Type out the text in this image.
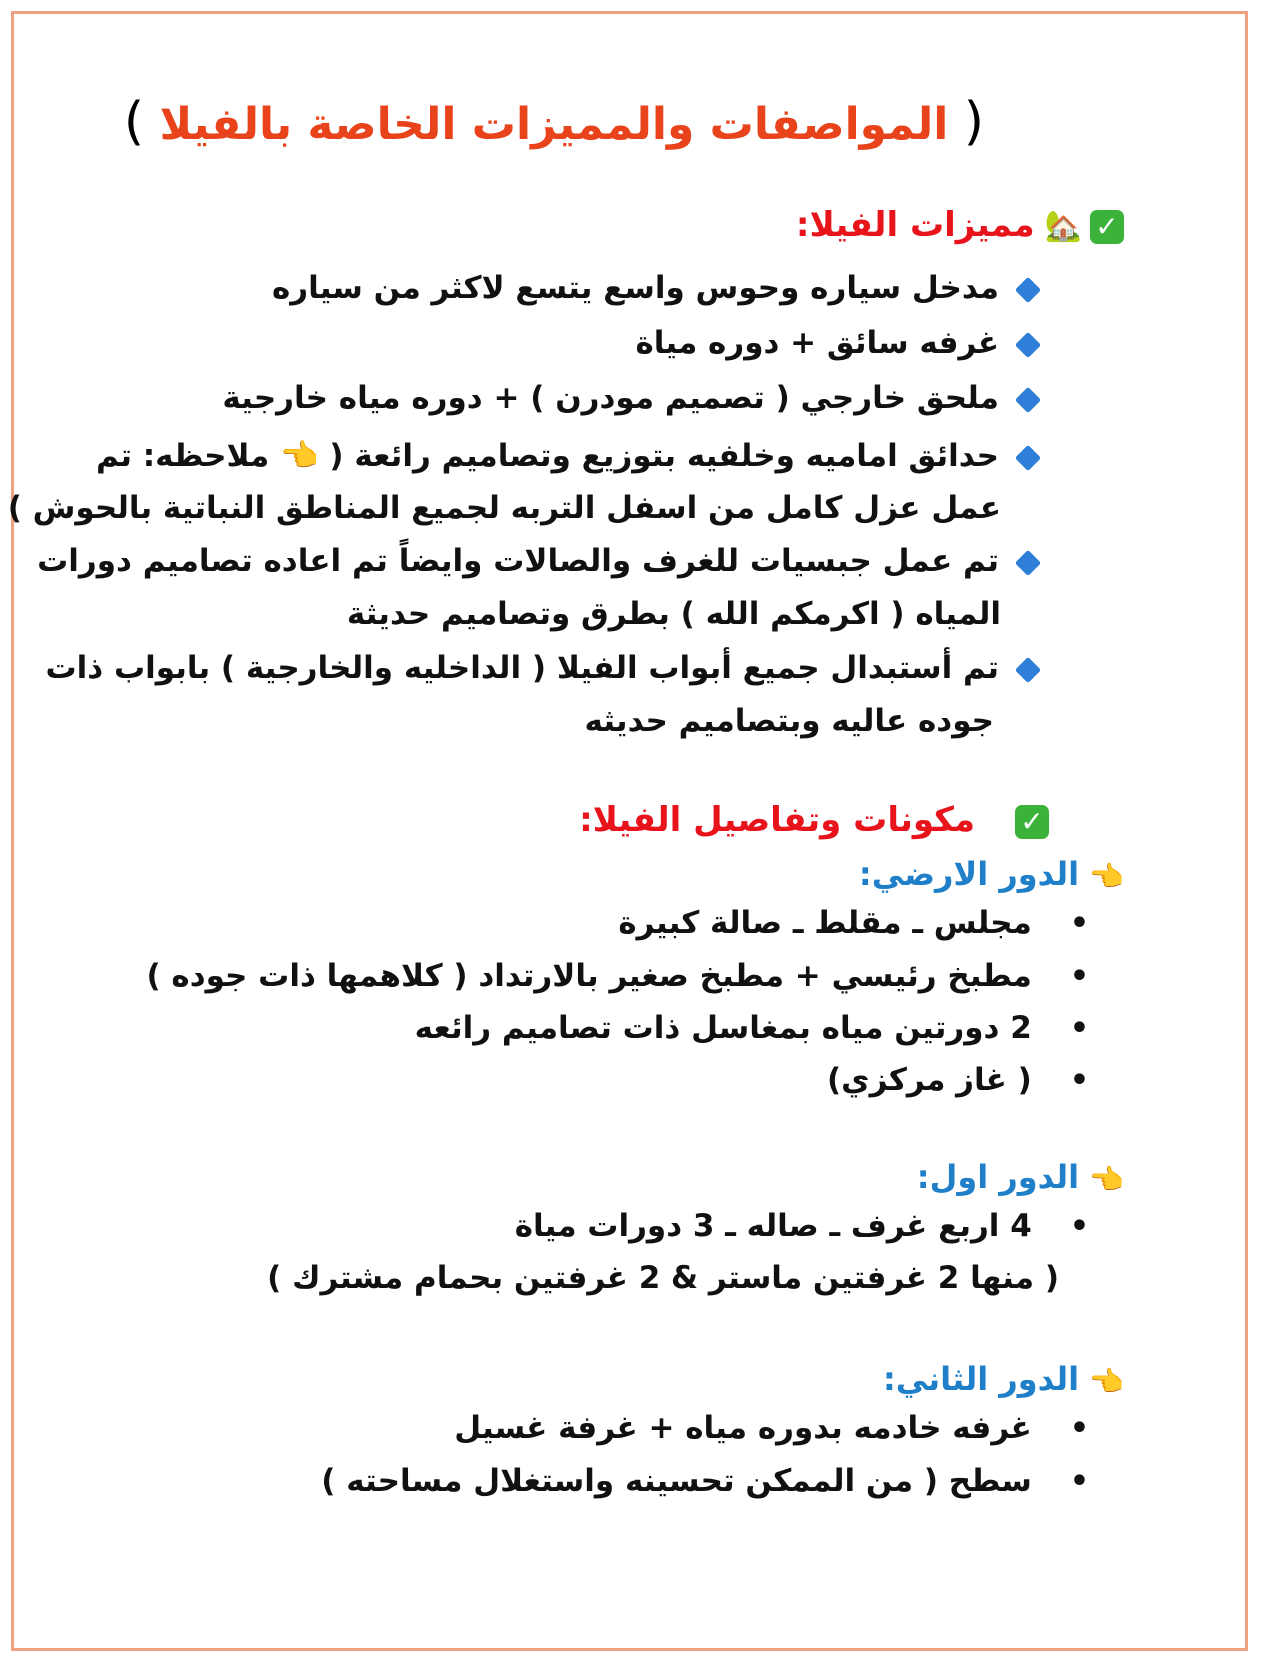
( المواصفات والمميزات الخاصة بالفيلا )
✓🏡مميزات الفيلا:
مدخل سياره وحوس واسع يتسع لاكثر من سياره
غرفه سائق + دوره مياة
ملحق خارجي ( تصميم مودرن ) + دوره مياه خارجية
حدائق اماميه وخلفيه بتوزيع وتصاميم رائعة ( 👈 ملاحظه: تم
عمل عزل كامل من اسفل التربه لجميع المناطق النباتية بالحوش )
تم عمل جبسيات للغرف والصالات وايضاً تم اعاده تصاميم دورات
المياه ( اكرمكم الله ) بطرق وتصاميم حديثة
تم أستبدال جميع أبواب الفيلا ( الداخليه والخارجية ) بابواب ذات
جوده عاليه وبتصاميم حديثه
✓مكونات وتفاصيل الفيلا:
👈الدور الارضي:
•مجلس ـ مقلط ـ صالة كبيرة
•مطبخ رئيسي + مطبخ صغير بالارتداد ( كلاهمها ذات جوده )
•2 دورتين مياه بمغاسل ذات تصاميم رائعه
•( غاز مركزي)
👈الدور اول:
•4 اربع غرف ـ صاله ـ 3 دورات مياة
( منها 2 غرفتين ماستر & 2 غرفتين بحمام مشترك )
👈الدور الثاني:
•غرفه خادمه بدوره مياه + غرفة غسيل
•سطح ( من الممكن تحسينه واستغلال مساحته )
